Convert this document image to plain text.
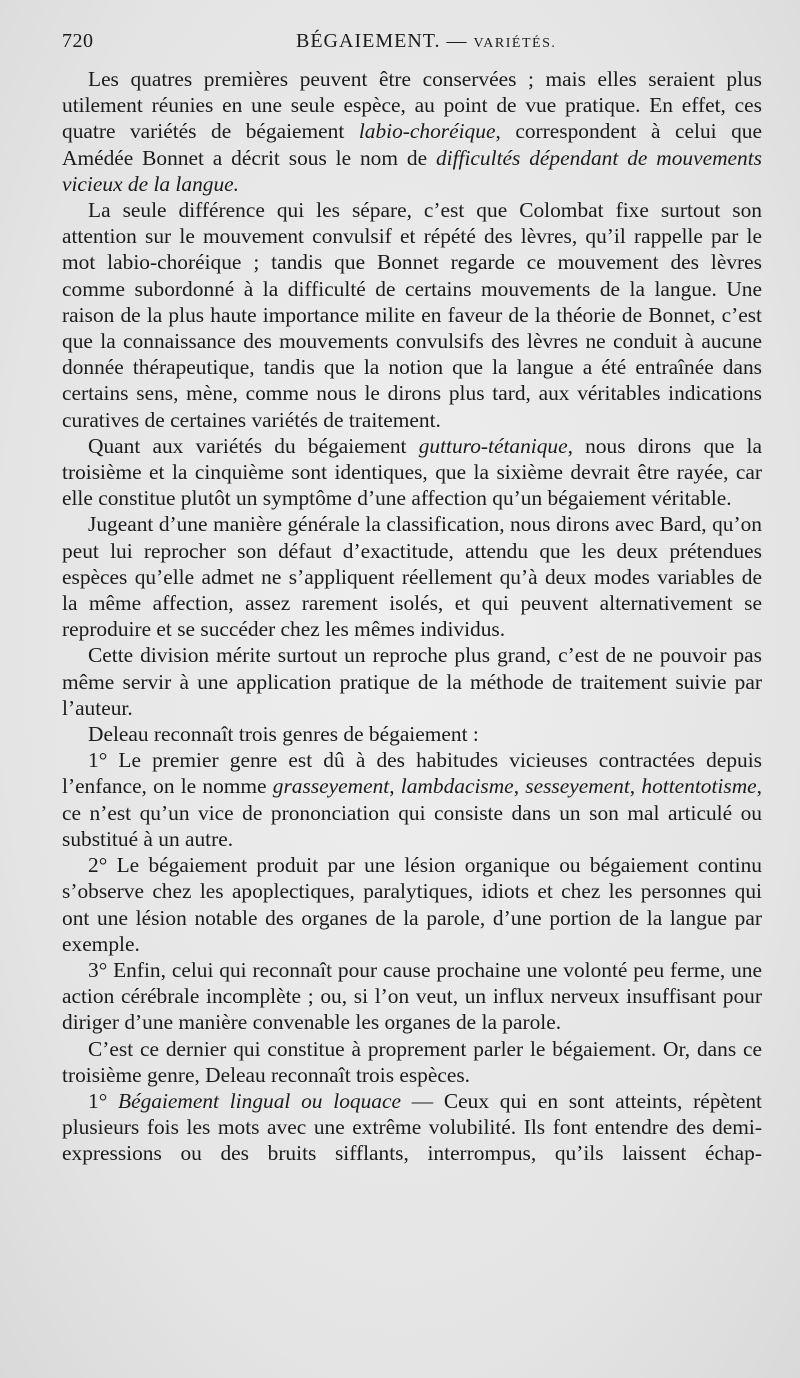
720	BÉGAIEMENT. — VARIÉTÉS.

Les quatres premières peuvent être conservées ; mais elles seraient plus utilement réunies en une seule espèce, au point de vue pratique. En effet, ces quatre variétés de bégaiement labio-choréique, correspondent à celui que Amédée Bonnet a décrit sous le nom de difficultés dépendant de mouvements vicieux de la langue.

La seule différence qui les sépare, c’est que Colombat fixe surtout son attention sur le mouvement convulsif et répété des lèvres, qu’il rappelle par le mot labio-choréique ; tandis que Bonnet regarde ce mouvement des lèvres comme subordonné à la difficulté de certains mouvements de la langue. Une raison de la plus haute importance milite en faveur de la théorie de Bonnet, c’est que la connaissance des mouvements convulsifs des lèvres ne conduit à aucune donnée thérapeutique, tandis que la notion que la langue a été entraînée dans certains sens, mène, comme nous le dirons plus tard, aux véritables indications curatives de certaines variétés de traitement.

Quant aux variétés du bégaiement gutturo-tétanique, nous dirons que la troisième et la cinquième sont identiques, que la sixième devrait être rayée, car elle constitue plutôt un symptôme d’une affection qu’un bégaiement véritable.

Jugeant d’une manière générale la classification, nous dirons avec Bard, qu’on peut lui reprocher son défaut d’exactitude, attendu que les deux prétendues espèces qu’elle admet ne s’appliquent réellement qu’à deux modes variables de la même affection, assez rarement isolés, et qui peuvent alternativement se reproduire et se succéder chez les mêmes individus.

Cette division mérite surtout un reproche plus grand, c’est de ne pouvoir pas même servir à une application pratique de la méthode de traitement suivie par l’auteur.

Deleau reconnaît trois genres de bégaiement :

1° Le premier genre est dû à des habitudes vicieuses contractées depuis l’enfance, on le nomme grasseyement, lambdacisme, sesseyement, hottentotisme, ce n’est qu’un vice de prononciation qui consiste dans un son mal articulé ou substitué à un autre.

2° Le bégaiement produit par une lésion organique ou bégaiement continu s’observe chez les apoplectiques, paralytiques, idiots et chez les personnes qui ont une lésion notable des organes de la parole, d’une portion de la langue par exemple.

3° Enfin, celui qui reconnaît pour cause prochaine une volonté peu ferme, une action cérébrale incomplète ; ou, si l’on veut, un influx nerveux insuffisant pour diriger d’une manière convenable les organes de la parole.

C’est ce dernier qui constitue à proprement parler le bégaiement. Or, dans ce troisième genre, Deleau reconnaît trois espèces.

1° Bégaiement lingual ou loquace — Ceux qui en sont atteints, répètent plusieurs fois les mots avec une extrême volubilité. Ils font entendre des demi-expressions ou des bruits sifflants, interrompus, qu’ils laissent échap-
